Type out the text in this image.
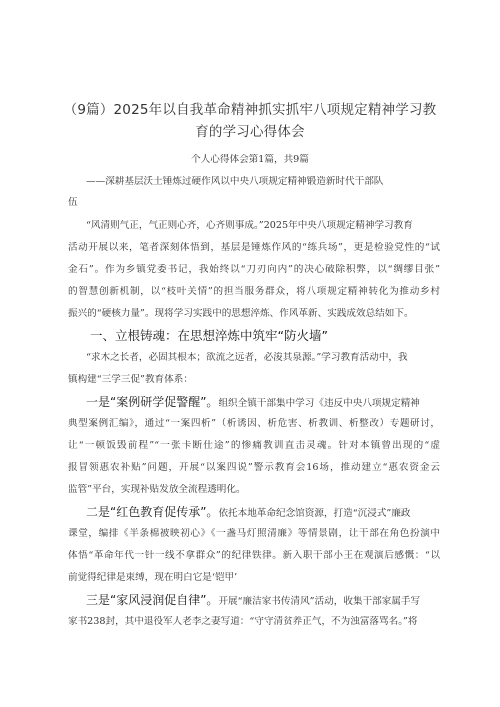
（9篇）2025年以自我革命精神抓实抓牢八项规定精神学习教
育的学习心得体会
个人心得体会第1篇，共9篇
——深耕基层沃土锤炼过硬作风以中央八项规定精神锻造新时代干部队
伍
“风清则气正，气正则心齐，心齐则事成。”2025年中央八项规定精神学习教育
活动开展以来，笔者深刻体悟到，基层是锤炼作风的“练兵场”，更是检验党性的“试
金石”。作为乡镇党委书记，我始终以“刀刃向内”的决心破除积弊，以“绸缪目张”
的智慧创新机制，以“枝叶关情”的担当服务群众，将八项规定精神转化为推动乡村
振兴的“硬核力量”。现将学习实践中的思想淬炼、作风革新、实践成效总结如下。
一、立根铸魂：在思想淬炼中筑牢“防火墙”
“求木之长者，必固其根本；欲流之远者，必浚其泉源。”学习教育活动中，我
镇构建“三学三促”教育体系：
一是“案例研学促警醒”。组织全镇干部集中学习《违反中央八项规定精神
典型案例汇编》，通过“一案四析”（析诱因、析危害、析教训、析整改）专题研讨，
让“一顿饭毁前程”“一张卡断仕途”的惨痛教训直击灵魂。针对本镇曾出现的“虚
报冒领惠农补贴”问题，开展“以案四说”警示教育会16场，推动建立“惠农资金云
监管”平台，实现补贴发放全流程透明化。
二是“红色教育促传承”。依托本地革命纪念馆资源，打造“沉浸式”廉政
课堂，编排《半条棉被映初心》《一盏马灯照清廉》等情景剧，让干部在角色扮演中
体悟“革命年代一针一线不拿群众”的纪律铁律。新入职干部小王在观演后感慨：“以
前觉得纪律是束缚，现在明白它是‘铠甲’
三是“家风浸润促自律”。开展“廉洁家书传清风”活动，收集干部家属手写
家书238封，其中退役军人老李之妻写道：“守守清贫养正气，不为浊富落骂名。”将
